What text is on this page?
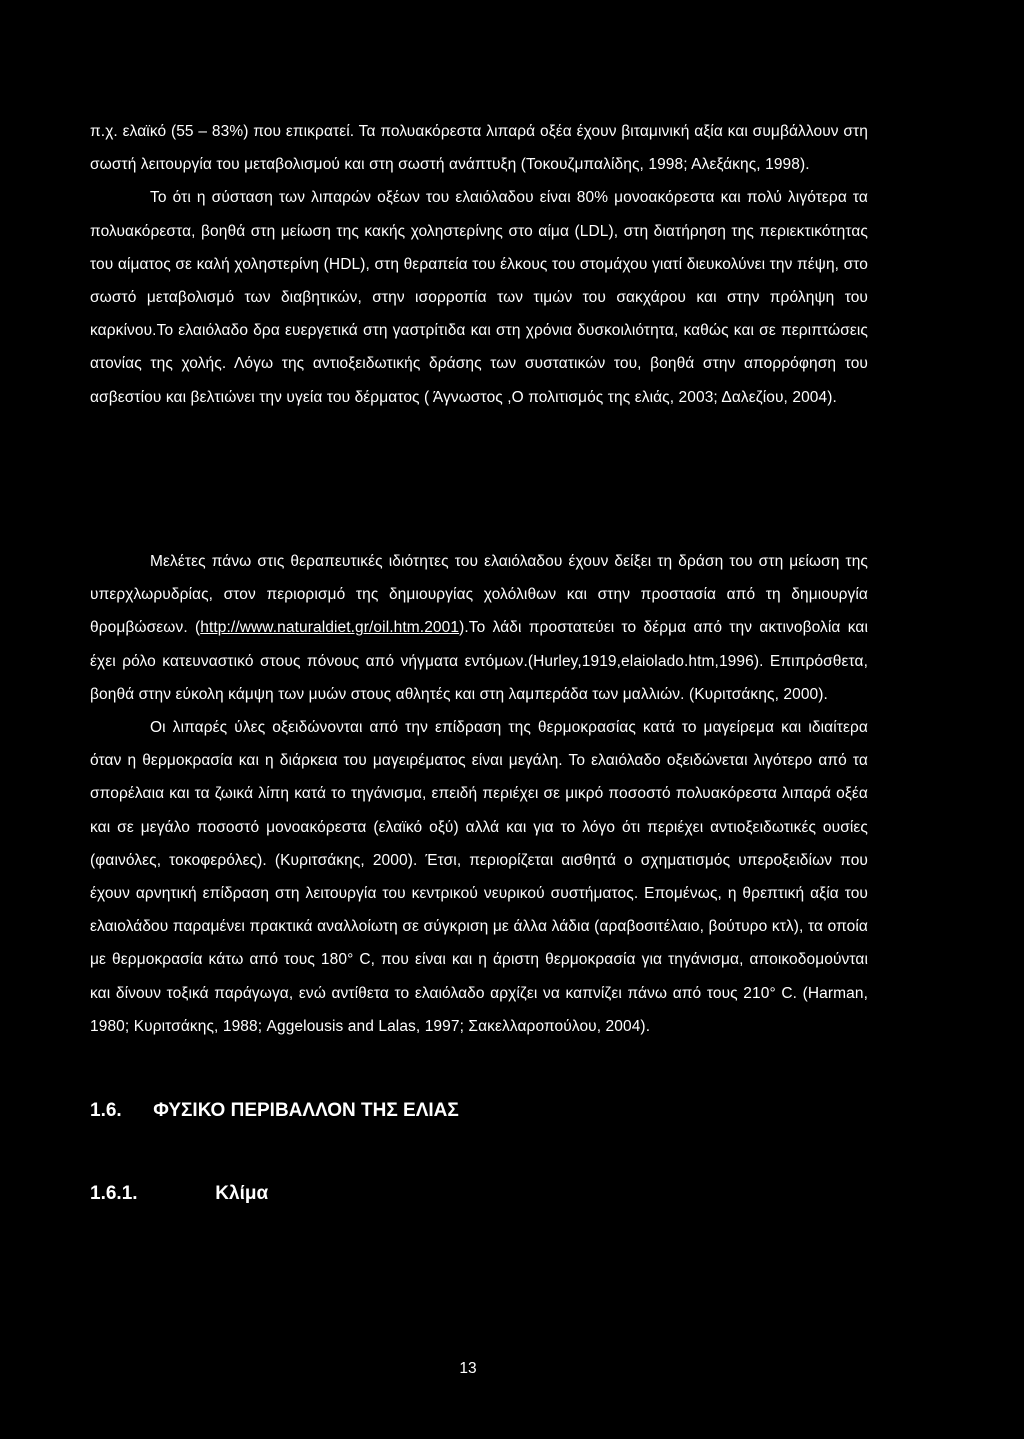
π.χ. ελαϊκό (55 – 83%) που επικρατεί. Τα πολυακόρεστα λιπαρά οξέα έχουν βιταμινική αξία και συμβάλλουν στη σωστή λειτουργία του μεταβολισμού και στη σωστή ανάπτυξη (Τοκουζμπαλίδης, 1998; Αλεξάκης, 1998).

Το ότι η σύσταση των λιπαρών οξέων του ελαιόλαδου είναι 80% μονοακόρεστα και πολύ λιγότερα τα πολυακόρεστα, βοηθά στη μείωση της κακής χοληστερίνης στο αίμα (LDL), στη διατήρηση της περιεκτικότητας του αίματος σε καλή χοληστερίνη (HDL), στη θεραπεία του έλκους του στομάχου γιατί διευκολύνει την πέψη, στο σωστό μεταβολισμό των διαβητικών, στην ισορροπία των τιμών του σακχάρου και στην πρόληψη του καρκίνου.Το ελαιόλαδο δρα ευεργετικά στη γαστρίτιδα και στη χρόνια δυσκοιλιότητα, καθώς και σε περιπτώσεις ατονίας της χολής. Λόγω της αντιοξειδωτικής δράσης των συστατικών του, βοηθά στην απορρόφηση του ασβεστίου και βελτιώνει την υγεία του δέρματος ( Άγνωστος ,Ο πολιτισμός της ελιάς, 2003; Δαλεζίου, 2004).

Μελέτες πάνω στις θεραπευτικές ιδιότητες του ελαιόλαδου έχουν δείξει τη δράση του στη μείωση της υπερχλωρυδρίας, στον περιορισμό της δημιουργίας χολόλιθων και στην προστασία από τη δημιουργία θρομβώσεων. (http://www.naturaldiet.gr/oil.htm.2001).Το λάδι προστατεύει το δέρμα από την ακτινοβολία και έχει ρόλο κατευναστικό στους πόνους από νήγματα εντόμων.(Hurley,1919,elaiolado.htm,1996). Επιπρόσθετα, βοηθά στην εύκολη κάμψη των μυών στους αθλητές και στη λαμπεράδα των μαλλιών. (Κυριτσάκης, 2000).

Οι λιπαρές ύλες οξειδώνονται από την επίδραση της θερμοκρασίας κατά το μαγείρεμα και ιδιαίτερα όταν η θερμοκρασία και η διάρκεια του μαγειρέματος είναι μεγάλη. Το ελαιόλαδο οξειδώνεται λιγότερο από τα σπορέλαια και τα ζωικά λίπη κατά το τηγάνισμα, επειδή περιέχει σε μικρό ποσοστό πολυακόρεστα λιπαρά οξέα και σε μεγάλο ποσοστό μονοακόρεστα (ελαϊκό οξύ) αλλά και για το λόγο ότι περιέχει αντιοξειδωτικές ουσίες (φαινόλες, τοκοφερόλες). (Κυριτσάκης, 2000). Έτσι, περιορίζεται αισθητά ο σχηματισμός υπεροξειδίων που έχουν αρνητική επίδραση στη λειτουργία του κεντρικού νευρικού συστήματος. Επομένως, η θρεπτική αξία του ελαιολάδου παραμένει πρακτικά αναλλοίωτη σε σύγκριση με άλλα λάδια (αραβοσιτέλαιο, βούτυρο κτλ), τα οποία με θερμοκρασία κάτω από τους 180° C, που είναι και η άριστη θερμοκρασία για τηγάνισμα, αποικοδομούνται και δίνουν τοξικά παράγωγα, ενώ αντίθετα το ελαιόλαδο αρχίζει να καπνίζει πάνω από τους 210° C. (Harman, 1980; Κυριτσάκης, 1988; Aggelousis and Lalas, 1997; Σακελλαροπούλου, 2004).

1.6. ΦΥΣΙΚΟ ΠΕΡΙΒΑΛΛΟΝ ΤΗΣ ΕΛΙΑΣ
1.6.1.	Κλίμα
13
